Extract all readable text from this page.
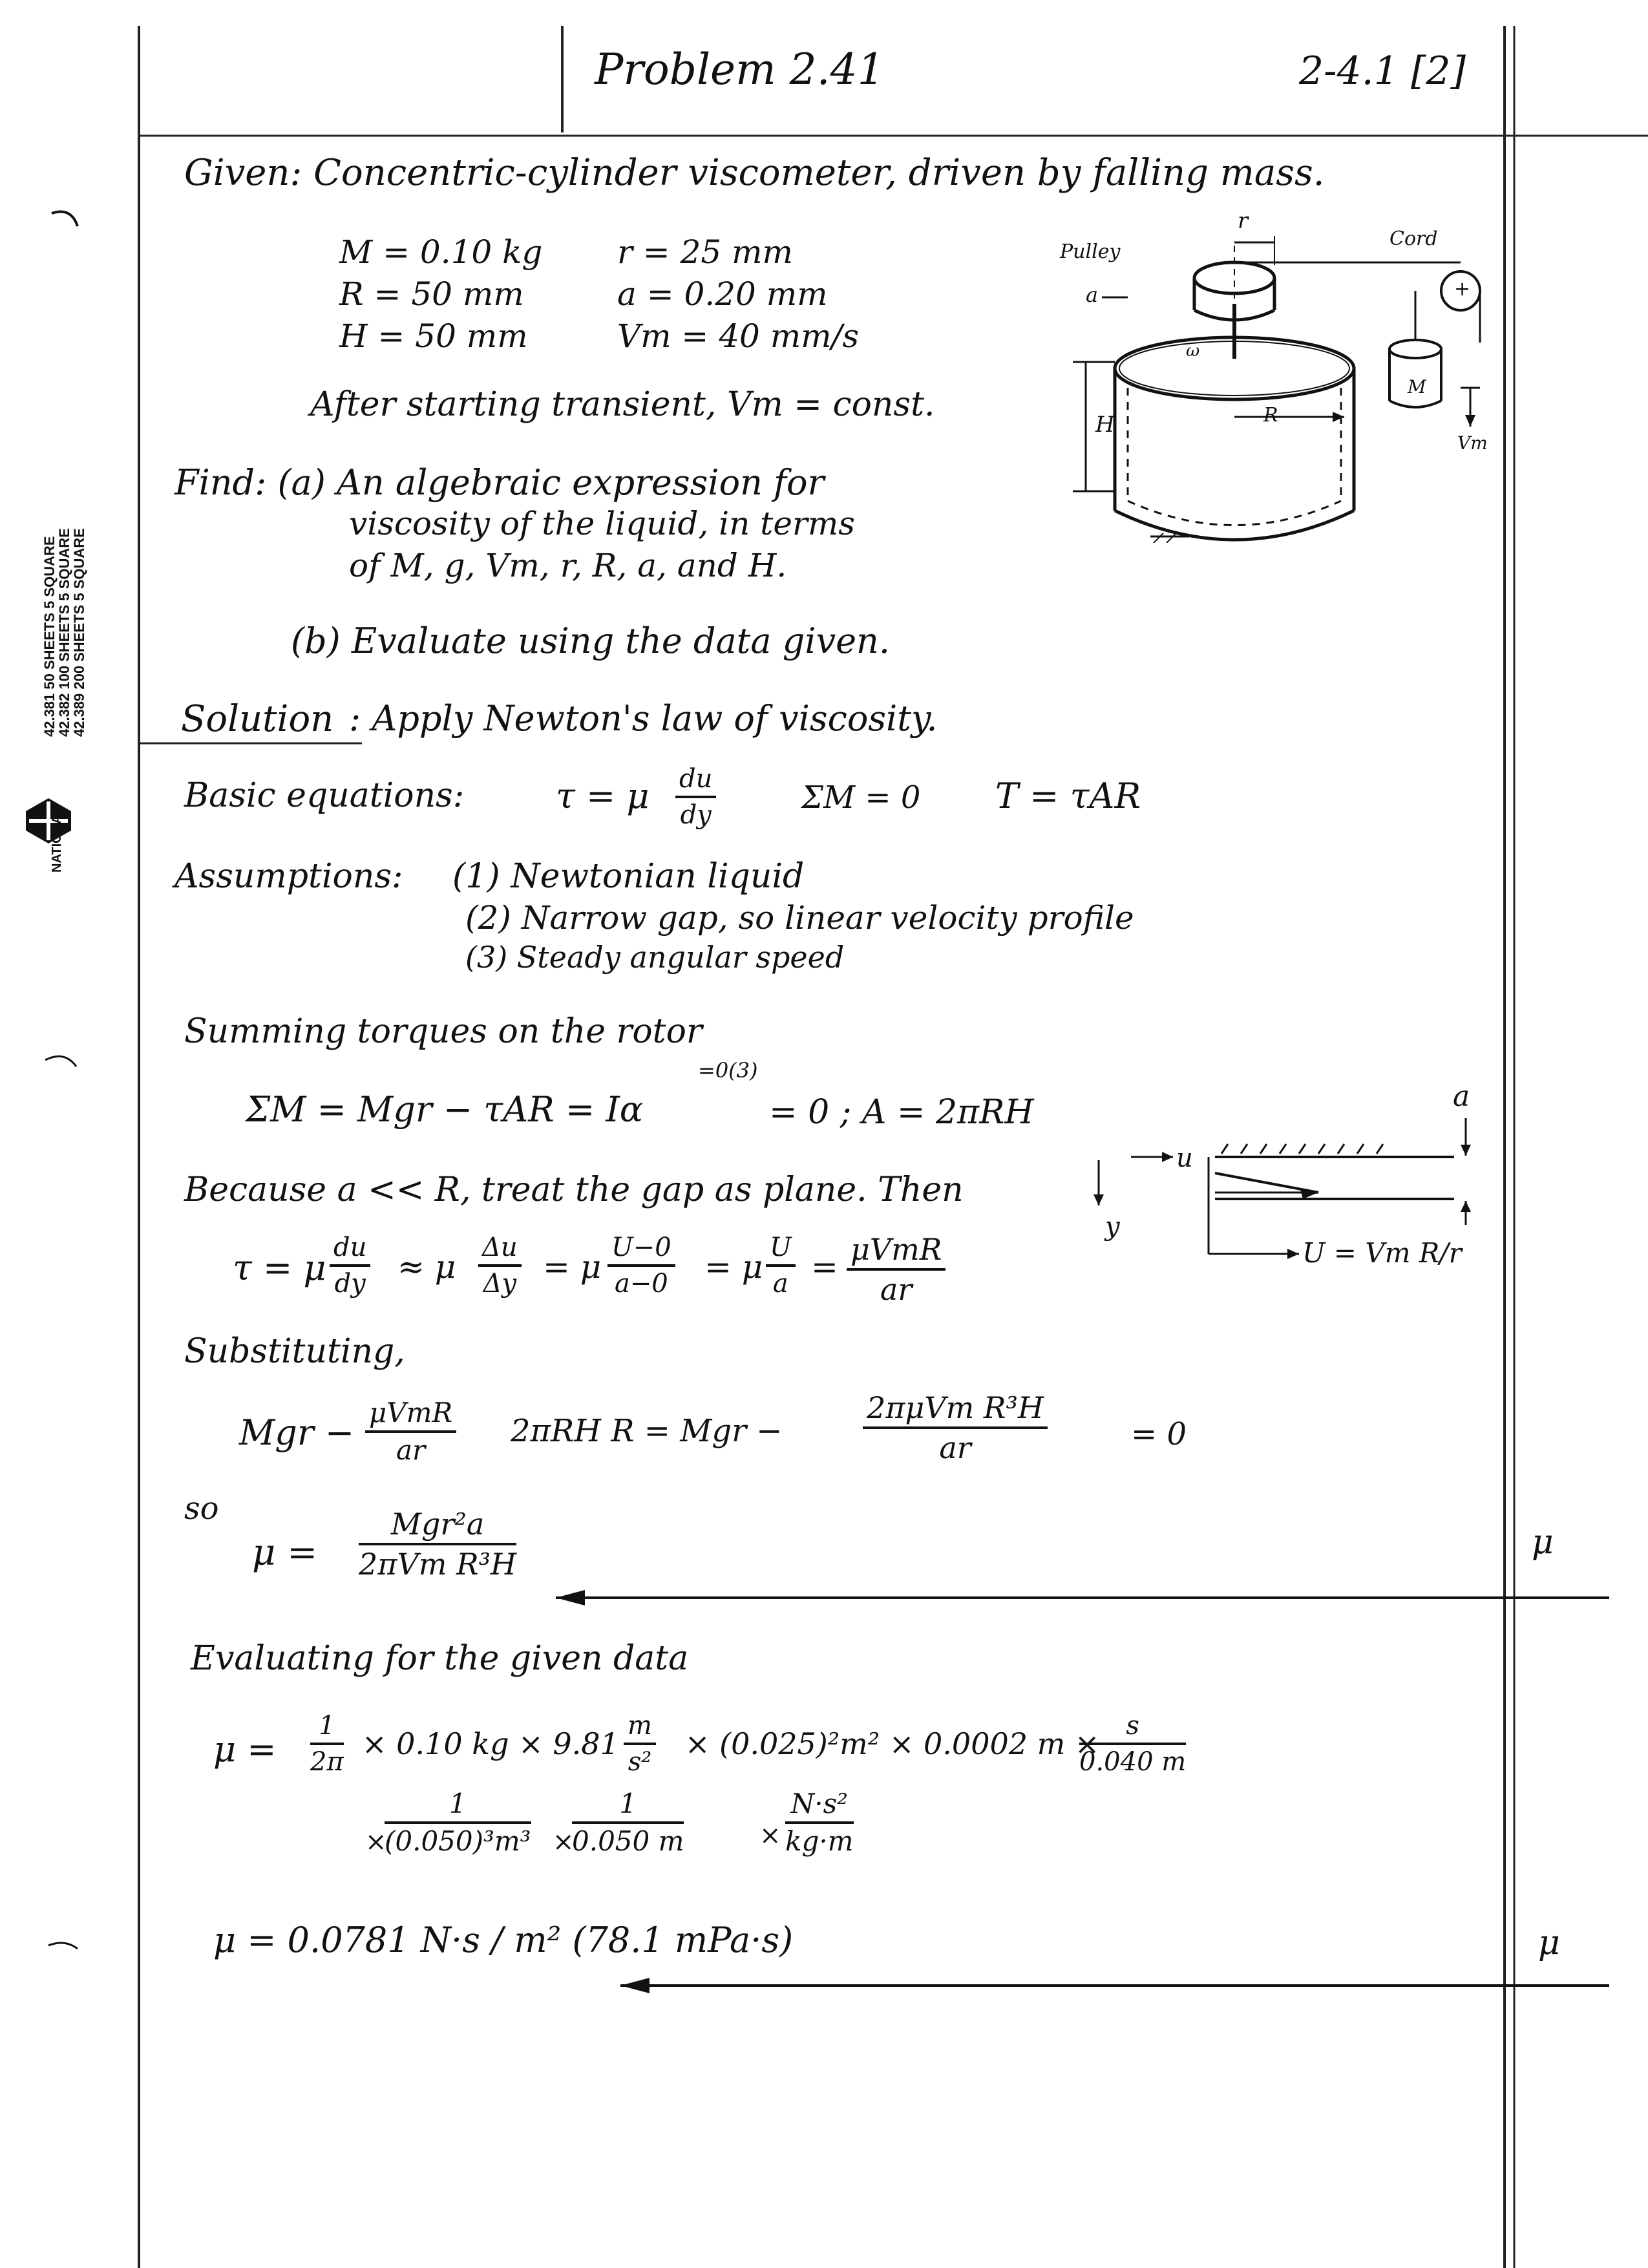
42.381 50 SHEETS 5 SQUARE
42.382 100 SHEETS 5 SQUARE
42.389 200 SHEETS 5 SQUARE
NATIONAL
Problem 2.41	2-4.1 [2]
Given: Concentric-cylinder viscometer, driven by falling mass.
M = 0.10 kg
R = 50 mm
H = 50 mm
r = 25 mm
a = 0.20 mm
Vm = 40 mm/s
After starting transient, Vm = const.
Pulley
Cord
a
r
R
H
ω
M
+
Vm
Find: (a) An algebraic expression for
viscosity of the liquid, in terms
of M, g, Vm, r, R, a, and H.
(b) Evaluate using the data given.
Solution : Apply Newton's law of viscosity.
Basic equations:	τ = μ $\frac{du}{dy}$	ΣM = 0 T = τAR
Assumptions: (1) Newtonian liquid
(2) Narrow gap, so linear velocity profile
(3) Steady angular speed
Summing torques on the rotor
=0(3)
ΣM = Mgr − τAR = Iα	= 0 ; A = 2πRH
Because a << R, treat the gap as plane. Then
a
u
y
U = Vm R/r
τ = μ $\frac{du}{dy} \approx \mu \frac{\Delta u}{\Delta y} = \mu \frac{U-0}{a-0} = \mu \frac{U}{a} = \mu VmR$
ar
Substituting,
Mgr − μVmR
ar
2πRH R = Mgr −
2πμVm R³H
ar	= 0
so
μ =
Mgr²a
2πVm R³H
μ
Evaluating for the given data
$\mu = \frac{1}{2\pi} \times 0.10$ kg × $9.81 \frac{m}{\text{s²}} \times (0.025)^2m^2 \times 0.0002$ m ×
$\frac{s}{0.040 m}$
×
$\frac{1}{\text{(0.050)³m³}}$ ×
$\frac{1}{0.050 m}$	× $\frac{\text{N·s²}}{kg\cdot m}$
μ = 0.0781 N·s / m² (78.1 mPa·s)	μ
